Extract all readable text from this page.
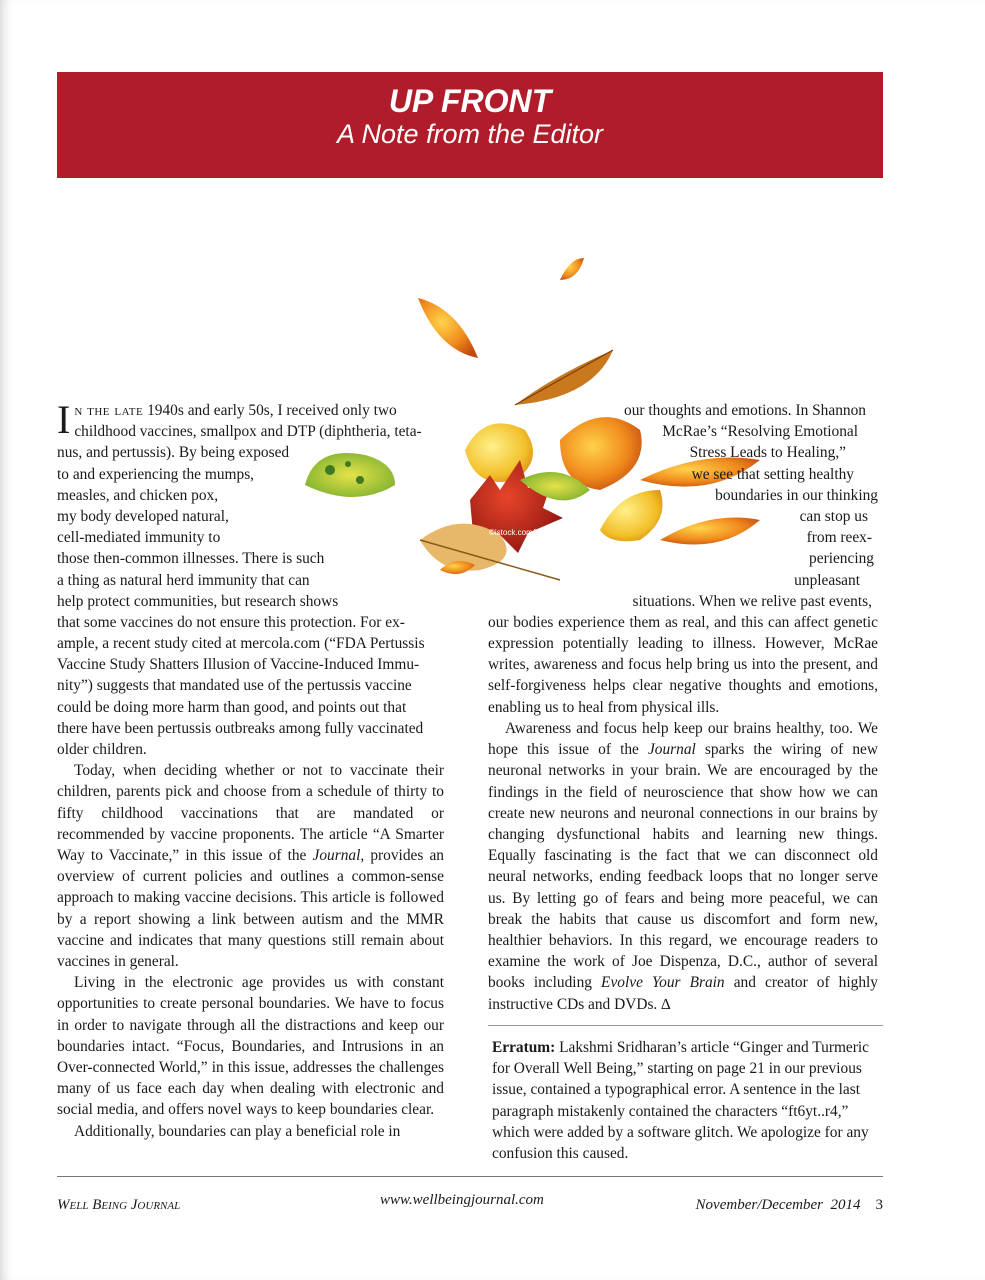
UP FRONT
A Note from the Editor
©istock.com/borchee
I n the late 1940s and early 50s, I received only two
childhood vaccines, smallpox and DTP (diphtheria, teta-
nus, and pertussis). By being exposed
to and experiencing the mumps,
measles, and chicken pox,
my body developed natural,
cell-mediated immunity to
those then-common illnesses. There is such
a thing as natural herd immunity that can
help protect communities, but research shows
that some vaccines do not ensure this protection. For ex-
ample, a recent study cited at mercola.com (“FDA Pertussis
Vaccine Study Shatters Illusion of Vaccine-Induced Immu-
nity”) suggests that mandated use of the pertussis vaccine
could be doing more harm than good, and points out that
there have been pertussis outbreaks among fully vaccinated
older children.

Today, when deciding whether or not to vaccinate their children, parents pick and choose from a schedule of thirty to fifty childhood vaccinations that are mandated or recommended by vaccine proponents. The article “A Smarter Way to Vaccinate,” in this issue of the Journal, provides an overview of current policies and outlines a common-sense approach to making vaccine decisions. This article is followed by a report showing a link between autism and the MMR vaccine and indicates that many questions still remain about vaccines in general.

Living in the electronic age provides us with constant opportunities to create personal boundaries. We have to focus in order to navigate through all the distractions and keep our boundaries intact. “Focus, Boundaries, and Intrusions in an Over-connected World,” in this issue, addresses the challenges many of us face each day when dealing with electronic and social media, and offers novel ways to keep boundaries clear.

Additionally, boundaries can play a beneficial role in

our thoughts and emotions. In Shannon
McRae’s “Resolving Emotional
Stress Leads to Healing,”
we see that setting healthy
boundaries in our thinking
can stop us
from reex-
periencing
unpleasant
situations. When we relive past events,

our bodies experience them as real, and this can affect genetic expression potentially leading to illness. However, McRae writes, awareness and focus help bring us into the present, and self-forgiveness helps clear negative thoughts and emotions, enabling us to heal from physical ills.

Awareness and focus help keep our brains healthy, too. We hope this issue of the Journal sparks the wiring of new neuronal networks in your brain. We are encouraged by the findings in the field of neuroscience that show how we can create new neurons and neuronal connections in our brains by changing dysfunctional habits and learning new things. Equally fascinating is the fact that we can disconnect old neural networks, ending feedback loops that no longer serve us. By letting go of fears and being more peaceful, we can break the habits that cause us discomfort and form new, healthier behaviors. In this regard, we encourage readers to examine the work of Joe Dispenza, D.C., author of several books including Evolve Your Brain and creator of highly instructive CDs and DVDs. ∆

Erratum: Lakshmi Sridharan’s article “Ginger and Turmeric for Overall Well Being,” starting on page 21 in our previous issue, contained a typographical error. A sentence in the last paragraph mistakenly contained the characters “ft6yt..r4,” which were added by a software glitch. We apologize for any confusion this caused.

Well Being Journal	www.wellbeingjournal.com	November/December  2014 3
